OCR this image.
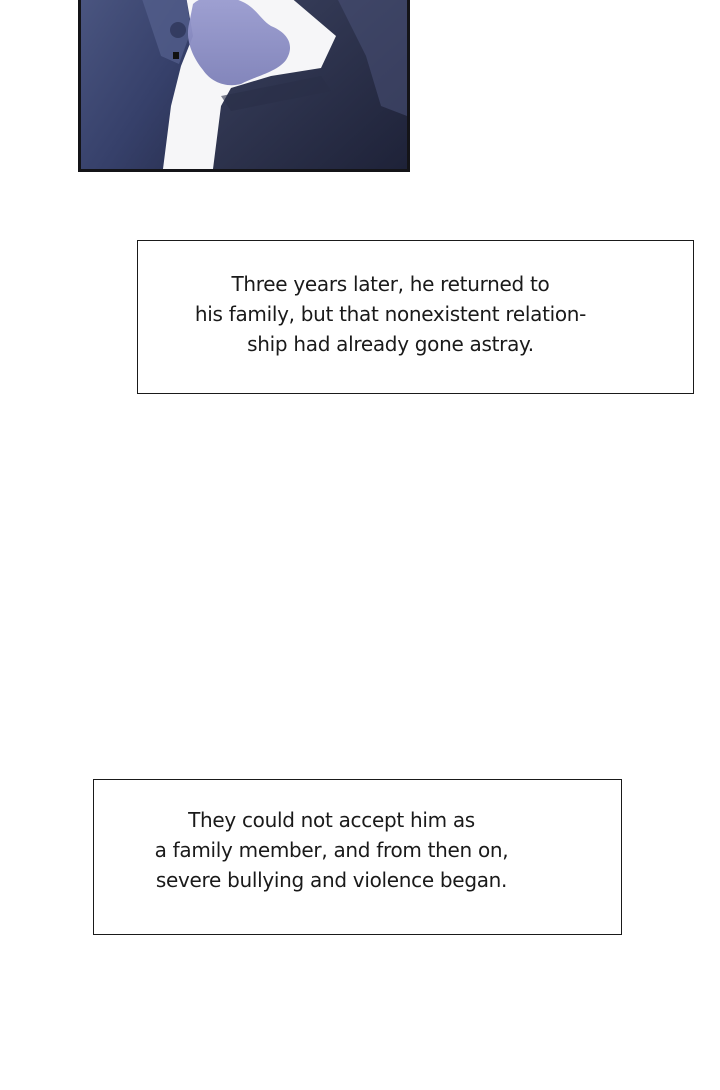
Three years later, he returned to
his family, but that nonexistent relation-
ship had already gone astray.
They could not accept him as
a family member, and from then on,
severe bullying and violence began.
